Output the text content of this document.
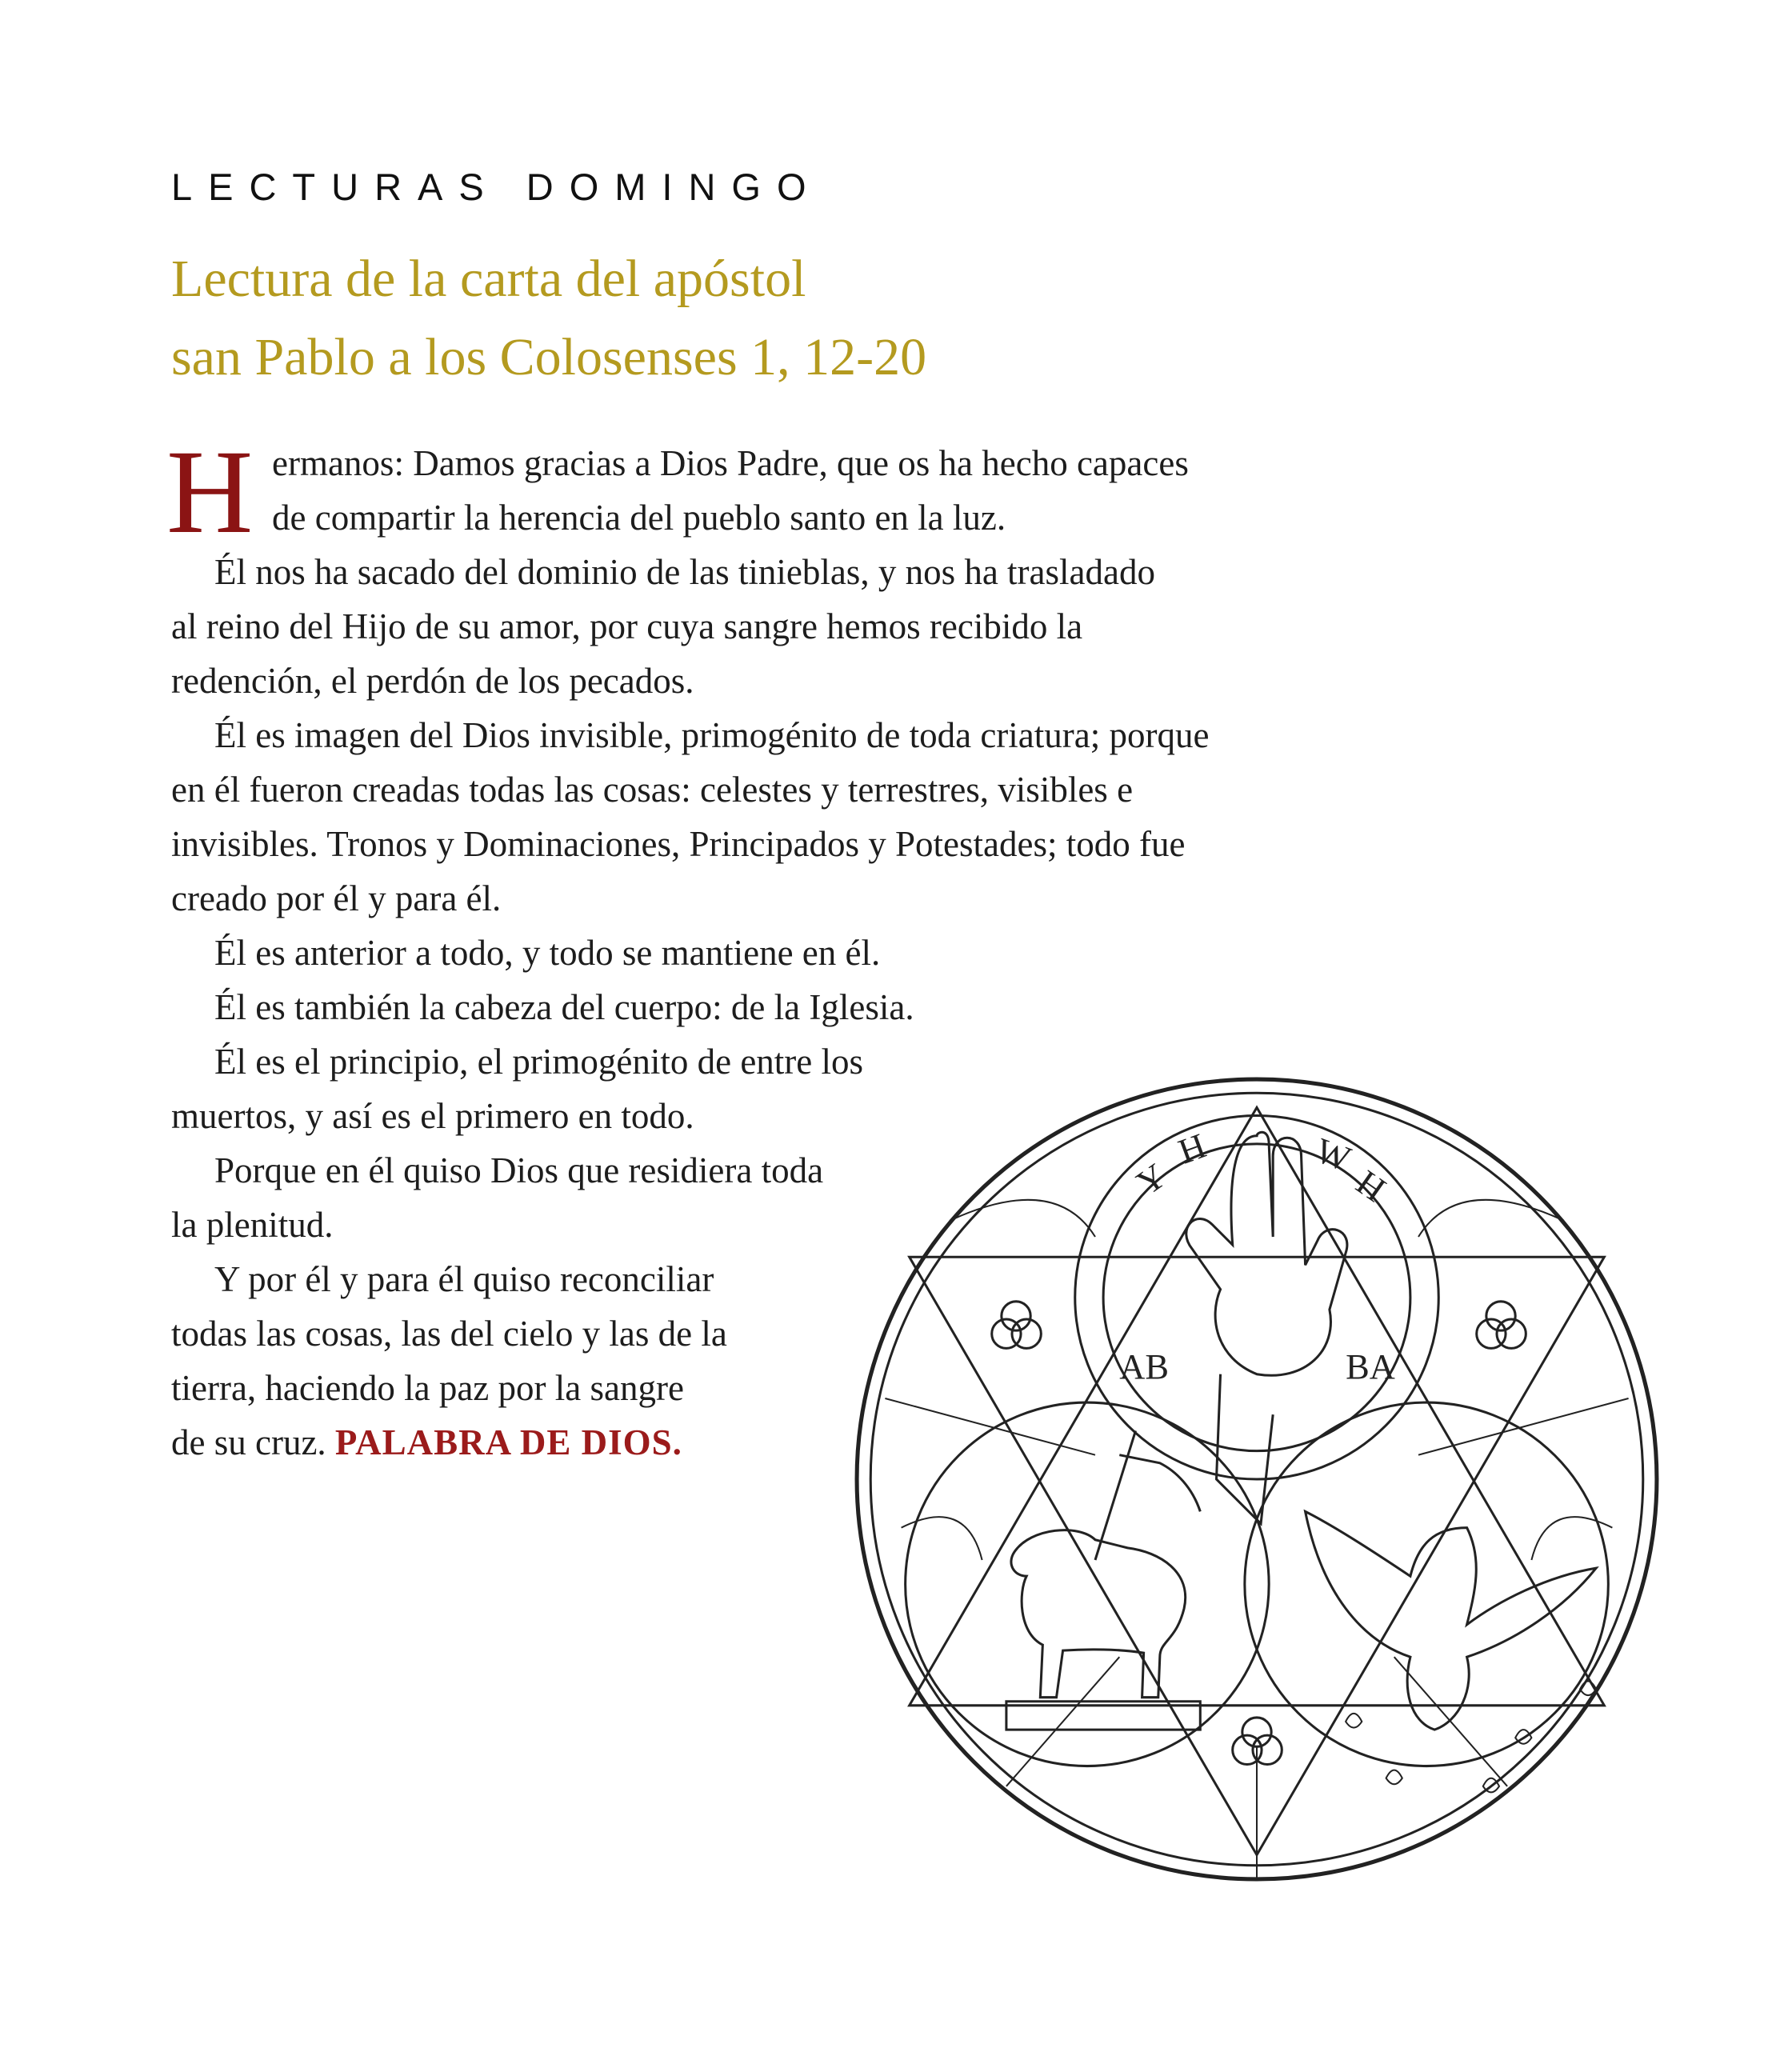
LECTURAS DOMINGO
Lectura de la carta del apóstol
san Pablo a los Colosenses 1, 12-20
H ermanos: Damos gracias a Dios Padre, que os ha hecho capaces
de compartir la herencia del pueblo santo en la luz.
Él nos ha sacado del dominio de las tinieblas, y nos ha trasladado
al reino del Hijo de su amor, por cuya sangre hemos recibido la
redención, el perdón de los pecados.
Él es imagen del Dios invisible, primogénito de toda criatura; porque
en él fueron creadas todas las cosas: celestes y terrestres, visibles e
invisibles. Tronos y Dominaciones, Principados y Potestades; todo fue
creado por él y para él.
Él es anterior a todo, y todo se mantiene en él.
Él es también la cabeza del cuerpo: de la Iglesia.
Él es el principio, el primogénito de entre los
muertos, y así es el primero en todo.
Porque en él quiso Dios que residiera toda
la plenitud.
Y por él y para él quiso reconciliar
todas las cosas, las del cielo y las de la
tierra, haciendo la paz por la sangre
de su cruz. PALABRA DE DIOS.
Y
H	W
H
AB	BA
